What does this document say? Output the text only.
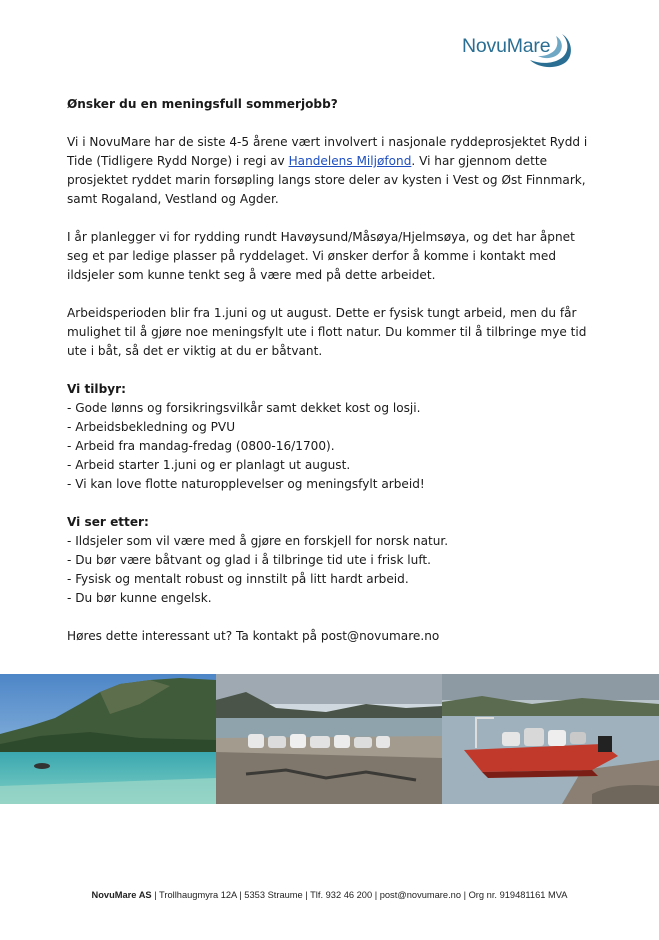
NovuMare

Ønsker du en meningsfull sommerjobb?

Vi i NovuMare har de siste 4-5 årene vært involvert i nasjonale ryddeprosjektet Rydd i Tide (Tidligere Rydd Norge) i regi av Handelens Miljøfond. Vi har gjennom dette prosjektet ryddet marin forsøpling langs store deler av kysten i Vest og Øst Finnmark, samt Rogaland, Vestland og Agder.

I år planlegger vi for rydding rundt Havøysund/Måsøya/Hjelmsøya, og det har åpnet seg et par ledige plasser på ryddelaget. Vi ønsker derfor å komme i kontakt med ildsjeler som kunne tenkt seg å være med på dette arbeidet.

Arbeidsperioden blir fra 1.juni og ut august. Dette er fysisk tungt arbeid, men du får mulighet til å gjøre noe meningsfylt ute i flott natur. Du kommer til å tilbringe mye tid ute i båt, så det er viktig at du er båtvant.

Vi tilbyr:
- Gode lønns og forsikringsvilkår samt dekket kost og losji.
- Arbeidsbekledning og PVU
- Arbeid fra mandag-fredag (0800-16/1700).
- Arbeid starter 1.juni og er planlagt ut august.
- Vi kan love flotte naturopplevelser og meningsfylt arbeid!
Vi ser etter:
- Ildsjeler som vil være med å gjøre en forskjell for norsk natur.
- Du bør være båtvant og glad i å tilbringe tid ute i frisk luft.
- Fysisk og mentalt robust og innstilt på litt hardt arbeid.
- Du bør kunne engelsk.

Høres dette interessant ut? Ta kontakt på post@novumare.no

NovuMare AS | Trollhaugmyra 12A | 5353 Straume | Tlf. 932 46 200 | post@novumare.no | Org nr. 919481161 MVA
